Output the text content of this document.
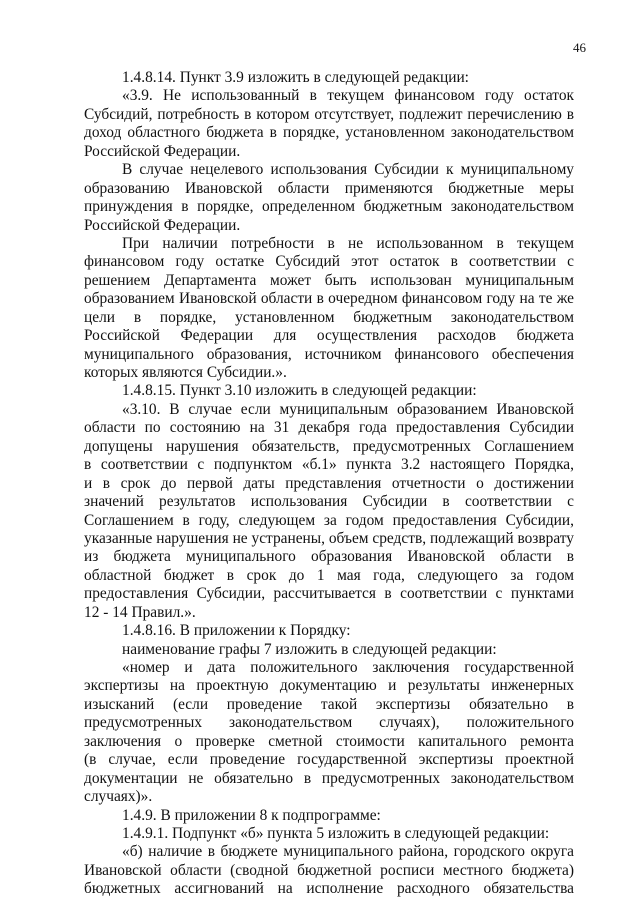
46
1.4.8.14. Пункт 3.9 изложить в следующей редакции:
«3.9. Не использованный в текущем финансовом году остаток
Субсидий, потребность в котором отсутствует, подлежит перечислению в
доход областного бюджета в порядке, установленном законодательством
Российской Федерации.
В случае нецелевого использования Субсидии к муниципальному
образованию Ивановской области применяются бюджетные меры
принуждения в порядке, определенном бюджетным законодательством
Российской Федерации.
При наличии потребности в не использованном в текущем
финансовом году остатке Субсидий этот остаток в соответствии с
решением Департамента может быть использован муниципальным
образованием Ивановской области в очередном финансовом году на те же
цели в порядке, установленном бюджетным законодательством
Российской Федерации для осуществления расходов бюджета
муниципального образования, источником финансового обеспечения
которых являются Субсидии.».
1.4.8.15. Пункт 3.10 изложить в следующей редакции:
«3.10. В случае если муниципальным образованием Ивановской
области по состоянию на 31 декабря года предоставления Субсидии
допущены нарушения обязательств, предусмотренных Соглашением
в соответствии с подпунктом «б.1» пункта 3.2 настоящего Порядка,
и в срок до первой даты представления отчетности о достижении
значений результатов использования Субсидии в соответствии с
Соглашением в году, следующем за годом предоставления Субсидии,
указанные нарушения не устранены, объем средств, подлежащий возврату
из бюджета муниципального образования Ивановской области в
областной бюджет в срок до 1 мая года, следующего за годом
предоставления Субсидии, рассчитывается в соответствии с пунктами
12 - 14 Правил.».
1.4.8.16. В приложении к Порядку:
наименование графы 7 изложить в следующей редакции:
«номер и дата положительного заключения государственной
экспертизы на проектную документацию и результаты инженерных
изысканий (если проведение такой экспертизы обязательно в
предусмотренных законодательством случаях), положительного
заключения о проверке сметной стоимости капитального ремонта
(в случае, если проведение государственной экспертизы проектной
документации не обязательно в предусмотренных законодательством
случаях)».
1.4.9. В приложении 8 к подпрограмме:
1.4.9.1. Подпункт «б» пункта 5 изложить в следующей редакции:
«б) наличие в бюджете муниципального района, городского округа
Ивановской области (сводной бюджетной росписи местного бюджета)
бюджетных ассигнований на исполнение расходного обязательства
